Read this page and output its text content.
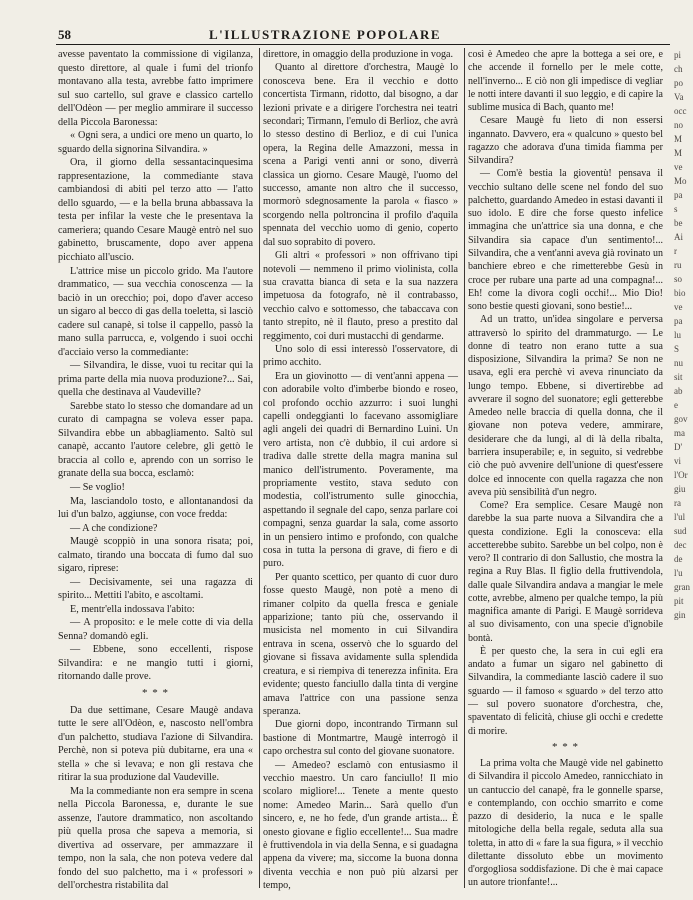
58	L'ILLUSTRAZIONE POPOLARE

avesse paventato la commissione di vigilanza, questo direttore, al quale i fumi del trionfo montavano alla testa, avrebbe fatto imprimere sul suo cartello, sul grave e classico cartello dell'Odèon — per meglio ammirare il successo della Piccola Baronessa:

« Ogni sera, a undici ore meno un quarto, lo sguardo della signorina Silvandira. »

Ora, il giorno della sessantacinquesima rappresentazione, la commediante stava cambiandosi di abiti pel terzo atto — l'atto dello sguardo, — e la bella bruna abbassava la testa per infilar la veste che le presentava la cameriera; quando Cesare Maugè entrò nel suo gabinetto, bruscamente, dopo aver appena picchiato all'uscio.

L'attrice mise un piccolo grido. Ma l'autore drammatico, — sua vecchia conoscenza — la baciò in un orecchio; poi, dopo d'aver acceso un sigaro al becco di gas della toeletta, si lasciò cadere sul canapè, si tolse il cappello, passò la mano sulla parrucca, e, volgendo i suoi occhi d'acciaio verso la commediante:

— Silvandira, le disse, vuoi tu recitar qui la prima parte della mia nuova produzione?... Sai, quella che destinava al Vaudeville?

Sarebbe stato lo stesso che domandare ad un curato di campagna se voleva esser papa. Silvandira ebbe un abbagliamento. Saltò sul canapè, accanto l'autore celebre, gli gettò le braccia al collo e, aprendo con un sorriso le granate della sua bocca, esclamò:

— Se voglio!

Ma, lasciandolo tosto, e allontanandosi da lui d'un balzo, aggiunse, con voce fredda:

— A che condizione?

Maugè scoppiò in una sonora risata; poi, calmato, tirando una boccata di fumo dal suo sigaro, riprese:

— Decisivamente, sei una ragazza di spirito... Mettiti l'abito, e ascoltami.

E, mentr'ella indossava l'abito:

— A proposito: e le mele cotte di via della Senna? domandò egli.

— Ebbene, sono eccellenti, rispose Silvandira: e ne mangio tutti i giorni, ritornando dalle prove.

* * *

Da due settimane, Cesare Maugè andava tutte le sere all'Odèon, e, nascosto nell'ombra d'un palchetto, studiava l'azione di Silvandira. Perchè, non si poteva più dubitarne, era una « stella » che si levava; e non gli restava che ritirar la sua produzione dal Vaudeville.

Ma la commediante non era sempre in scena nella Piccola Baronessa, e, durante le sue assenze, l'autore drammatico, non ascoltando più quella prosa che sapeva a memoria, si divertiva ad osservare, per ammazzare il tempo, non la sala, che non poteva vedere dal fondo del suo palchetto, ma i « professori » dell'orchestra ristabilita dal

direttore, in omaggio della produzione in voga.

Quanto al direttore d'orchestra, Maugè lo conosceva bene. Era il vecchio e dotto concertista Tirmann, ridotto, dal bisogno, a dar lezioni private e a dirigere l'orchestra nei teatri secondari; Tirmann, l'emulo di Berlioz, che avrà lo stesso destino di Berlioz, e di cui l'unica opera, la Regina delle Amazzoni, messa in scena a Parigi venti anni or sono, diverrà classica un giorno. Cesare Maugè, l'uomo del successo, amante non altro che il successo, mormorò sdegnosamente la parola « fiasco » scorgendo nella poltroncina il profilo d'aquila spennata del vecchio uomo di genio, coperto dal suo soprabito di povero.

Gli altri « professori » non offrivano tipi notevoli — nemmeno il primo violinista, colla sua cravatta bianca di seta e la sua nazzera impetuosa da fotografo, nè il contrabasso, vecchio calvo e sottomesso, che tabaccava con tanto strepito, nè il flauto, preso a prestito dal reggimento, coi duri mustacchi di gendarme.

Uno solo di essi interessò l'osservatore, di primo acchito.

Era un giovinotto — di vent'anni appena — con adorabile volto d'imberbe biondo e roseo, col profondo occhio azzurro: i suoi lunghi capelli ondeggianti lo facevano assomigliare agli angeli dei quadri di Bernardino Luini. Un vero artista, non c'è dubbio, il cui ardore si tradiva dalle strette della magra manina sul manico dell'istrumento. Poveramente, ma propriamente vestito, stava seduto con modestia, coll'istrumento sulle ginocchia, aspettando il segnale del capo, senza parlare coi compagni, senza guardar la sala, come assorto in un pensiero intimo e profondo, con qualche cosa in tutta la persona di grave, di fiero e di puro.

Per quanto scettico, per quanto di cuor duro fosse questo Maugè, non potè a meno di rimaner colpito da quella fresca e geniale apparizione; tanto più che, osservando il musicista nel momento in cui Silvandira entrava in scena, osservò che lo sguardo del giovane si fissava avidamente sulla splendida creatura, e si riempiva di tenerezza infinita. Era evidente; questo fanciullo dalla tinta di vergine amava l'attrice con una passione senza speranza.

Due giorni dopo, incontrando Tirmann sul bastione di Montmartre, Maugè interrogò il capo orchestra sul conto del giovane suonatore.

— Amedeo? esclamò con entusiasmo il vecchio maestro. Un caro fanciullo! Il mio scolaro migliore!... Tenete a mente questo nome: Amedeo Marin... Sarà quello d'un sincero, e, ne ho fede, d'un grande artista... È onesto giovane e figlio eccellente!... Sua madre è fruttivendola in via della Senna, e si guadagna appena da vivere; ma, siccome la buona donna diventa vecchia e non può più alzarsi per tempo,

così è Amedeo che apre la bottega a sei ore, e che accende il fornello per le mele cotte, nell'inverno... E ciò non gli impedisce di vegliar le notti intere davanti il suo leggio, e di capire la sublime musica di Bach, quanto me!

Cesare Maugè fu lieto di non essersi ingannato. Davvero, era « qualcuno » questo bel ragazzo che adorava d'una timida fiamma per Silvandira?

— Com'è bestia la gioventù! pensava il vecchio sultano delle scene nel fondo del suo palchetto, guardando Amedeo in estasi davanti il suo idolo. E dire che forse questo infelice immagina che un'attrice sia una donna, e che Silvandira sia capace d'un sentimento!... Silvandira, che a vent'anni aveva già rovinato un banchiere ebreo e che rimetterebbe Gesù in croce per rubare una parte ad una compagna!... Eh! come la divora cogli occhi!... Mio Dio! sono bestie questi giovani, sono bestie!...

Ad un tratto, un'idea singolare e perversa attraversò lo spirito del drammaturgo. — Le donne di teatro non erano tutte a sua disposizione, Silvandira la prima? Se non ne usava, egli era perchè vi aveva rinunciato da lungo tempo. Ebbene, si divertirebbe ad avverare il sogno del suonatore; egli getterebbe Amedeo nelle braccia di quella donna, che il giovane non poteva vedere, ammirare, desiderare che da lungi, al di là della ribalta, barriera insuperabile; e, in seguito, si vedrebbe ciò che può avvenire dell'unione di quest'essere dolce ed innocente con quella ragazza che non aveva più sensibilità d'un negro.

Come? Era semplice. Cesare Maugè non darebbe la sua parte nuova a Silvandira che a questa condizione. Egli la conosceva: ella accetterebbe subito. Sarebbe un bel colpo, non è vero? Il contrario di don Sallustio, che mostra la regina a Ruy Blas. Il figlio della fruttivendola, dalle quale Silvandira andava a mangiar le mele cotte, avrebbe, almeno per qualche tempo, la più magnifica amante di Parigi. E Maugè sorrideva al suo divisamento, con una specie d'ignobile bontà.

È per questo che, la sera in cui egli era andato a fumar un sigaro nel gabinetto di Silvandira, la commediante lasciò cadere il suo sguardo — il famoso « sguardo » del terzo atto — sul povero suonatore d'orchestra, che, spaventato di felicità, chiuse gli occhi e credette di morire.

* * *

La prima volta che Maugè vide nel gabinetto di Silvandira il piccolo Amedeo, rannicchiato in un cantuccio del canapè, fra le gonnelle sparse, e contemplando, con occhio smarrito e come pazzo di desiderio, la nuca e le spalle mitologiche della bella regale, seduta alla sua toletta, in atto di « fare la sua figura, » il vecchio dilettante dissoluto ebbe un movimento d'orgogliosa soddisfazione. Di che è mai capace un autore trionfante!...

pi
ch
po
Va
occ
no
M
M
ve
Mo
pa
s
be
Ai
r
ru
so
bio
ve
pa
lu
S
nu
sit
ab
e
gov
ma
D'
vi
l'Or
giu
ra
l'ul
sud
dec
de
l'u
gran
pit
gin
